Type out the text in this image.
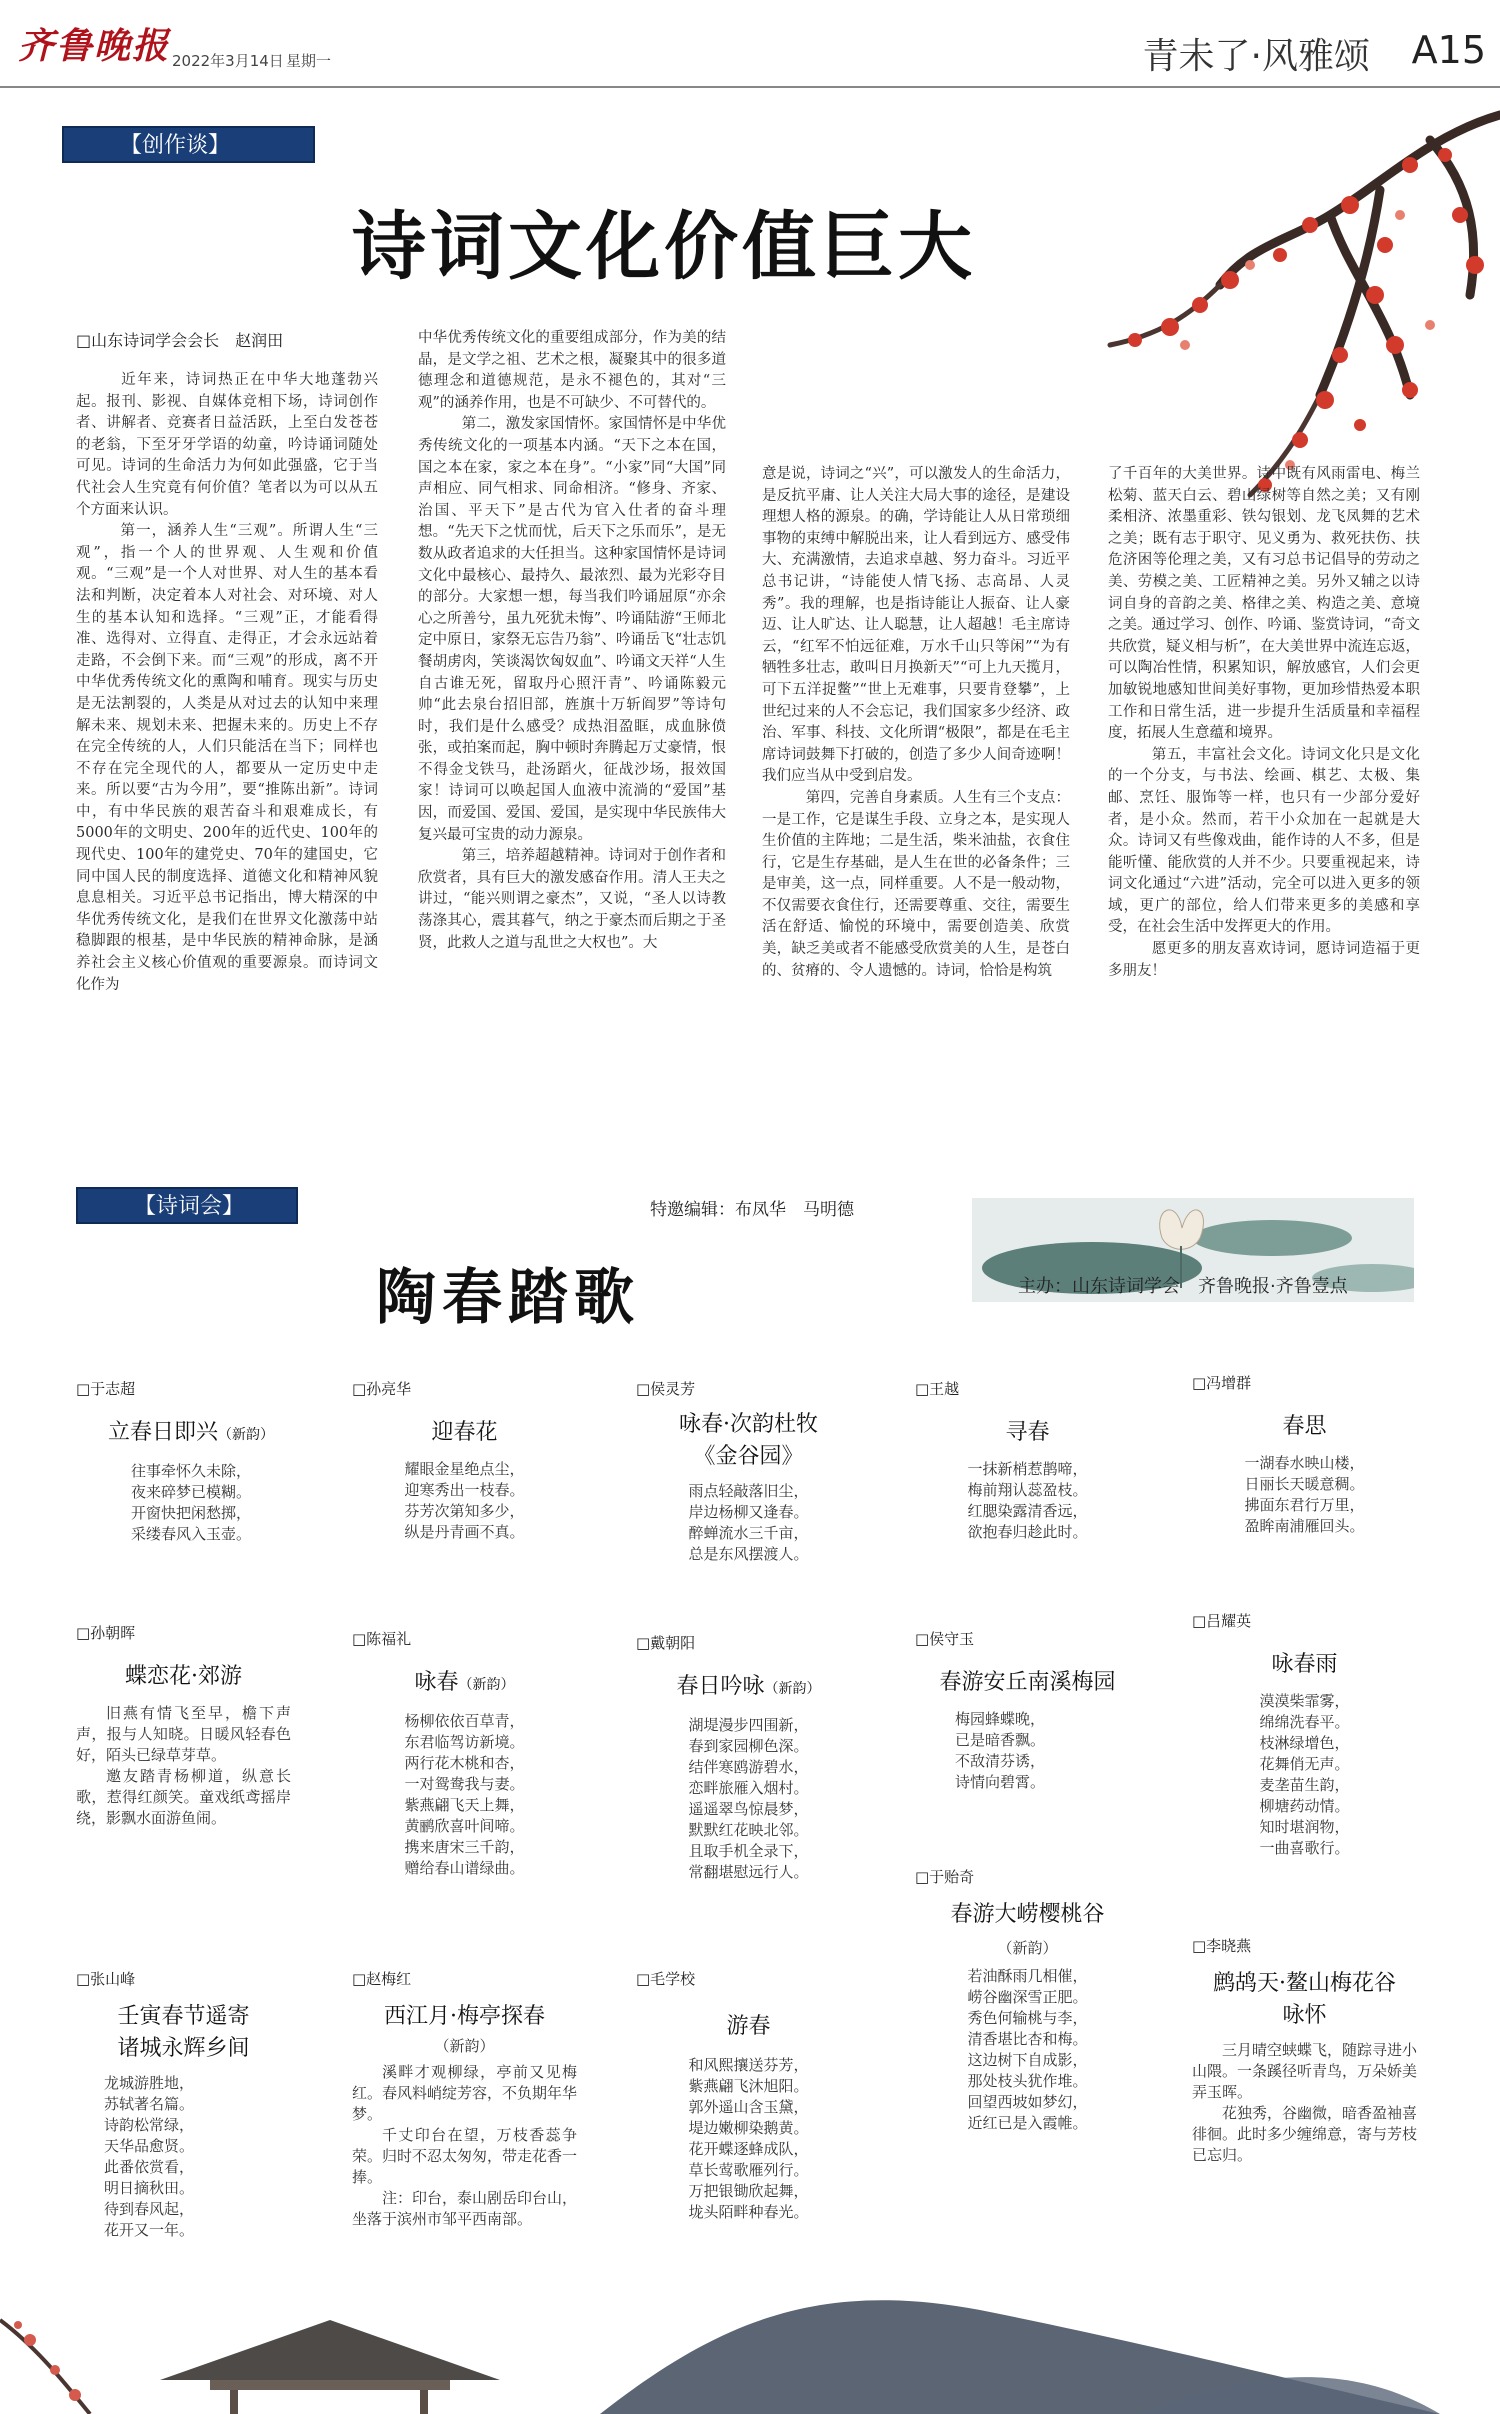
齐鲁晚报 2022年3月14日 星期一	青未了·风雅颂 A15
【创作谈】
诗词文化价值巨大
□山东诗词学会会长　赵润田

　近年来，诗词热正在中华大地蓬勃兴起。报刊、影视、自媒体竞相下场，诗词创作者、讲解者、竞赛者日益活跃，上至白发苍苍的老翁，下至牙牙学语的幼童，吟诗诵词随处可见。诗词的生命活力为何如此强盛，它于当代社会人生究竟有何价值？笔者以为可以从五个方面来认识。

　第一，涵养人生“三观”。所谓人生“三观”，指一个人的世界观、人生观和价值观。“三观”是一个人对世界、对人生的基本看法和判断，决定着本人对社会、对环境、对人生的基本认知和选择。“三观”正，才能看得准、选得对、立得直、走得正，才会永远站着走路，不会倒下来。而“三观”的形成，离不开中华优秀传统文化的熏陶和哺育。现实与历史是无法割裂的，人类是从对过去的认知中来理解未来、规划未来、把握未来的。历史上不存在完全传统的人，人们只能活在当下；同样也不存在完全现代的人，都要从一定历史中走来。所以要“古为今用”，要“推陈出新”。诗词中，有中华民族的艰苦奋斗和艰难成长，有5000年的文明史、200年的近代史、100年的现代史、100年的建党史、70年的建国史，它同中国人民的制度选择、道德文化和精神风貌息息相关。习近平总书记指出，博大精深的中华优秀传统文化，是我们在世界文化激荡中站稳脚跟的根基，是中华民族的精神命脉，是涵养社会主义核心价值观的重要源泉。而诗词文化作为

中华优秀传统文化的重要组成部分，作为美的结晶，是文学之祖、艺术之根，凝聚其中的很多道德理念和道德规范，是永不褪色的，其对“三观”的涵养作用，也是不可缺少、不可替代的。

　第二，激发家国情怀。家国情怀是中华优秀传统文化的一项基本内涵。“天下之本在国，国之本在家，家之本在身”。“小家”同“大国”同声相应、同气相求、同命相济。“修身、齐家、治国、平天下”是古代为官入仕者的奋斗理想。“先天下之忧而忧，后天下之乐而乐”，是无数从政者追求的大任担当。这种家国情怀是诗词文化中最核心、最持久、最浓烈、最为光彩夺目的部分。大家想一想，每当我们吟诵屈原“亦余心之所善兮，虽九死犹未悔”、吟诵陆游“王师北定中原日，家祭无忘告乃翁”、吟诵岳飞“壮志饥餐胡虏肉，笑谈渴饮匈奴血”、吟诵文天祥“人生自古谁无死，留取丹心照汗青”、吟诵陈毅元帅“此去泉台招旧部，旌旗十万斩阎罗”等诗句时，我们是什么感受？成热泪盈眶，成血脉偾张，或拍案而起，胸中顿时奔腾起万丈豪情，恨不得金戈铁马，赴汤蹈火，征战沙场，报效国家！诗词可以唤起国人血液中流淌的“爱国”基因，而爱国、爱国、爱国，是实现中华民族伟大复兴最可宝贵的动力源泉。

　第三，培养超越精神。诗词对于创作者和欣赏者，具有巨大的激发感奋作用。清人王夫之讲过，“能兴则谓之豪杰”，又说，“圣人以诗教荡涤其心，震其暮气，纳之于豪杰而后期之于圣贤，此救人之道与乱世之大权也”。大

意是说，诗词之“兴”，可以激发人的生命活力，是反抗平庸、让人关注大局大事的途径，是建设理想人格的源泉。的确，学诗能让人从日常琐细事物的束缚中解脱出来，让人看到远方、感受伟大、充满激情，去追求卓越、努力奋斗。习近平总书记讲，“诗能使人情飞扬、志高昂、人灵秀”。我的理解，也是指诗能让人振奋、让人豪迈、让人旷达、让人聪慧，让人超越！毛主席诗云，“红军不怕远征难，万水千山只等闲”“为有牺牲多壮志，敢叫日月换新天”“可上九天揽月，可下五洋捉鳖”“世上无难事，只要肯登攀”，上世纪过来的人不会忘记，我们国家多少经济、政治、军事、科技、文化所谓“极限”，都是在毛主席诗词鼓舞下打破的，创造了多少人间奇迹啊！我们应当从中受到启发。

　第四，完善自身素质。人生有三个支点：一是工作，它是谋生手段、立身之本，是实现人生价值的主阵地；二是生活，柴米油盐，衣食住行，它是生存基础，是人生在世的必备条件；三是审美，这一点，同样重要。人不是一般动物，不仅需要衣食住行，还需要尊重、交往，需要生活在舒适、愉悦的环境中，需要创造美、欣赏美，缺乏美或者不能感受欣赏美的人生，是苍白的、贫瘠的、令人遗憾的。诗词，恰恰是构筑

了千百年的大美世界。诗中既有风雨雷电、梅兰松菊、蓝天白云、碧山绿树等自然之美；又有刚柔相济、浓墨重彩、铁勾银划、龙飞凤舞的艺术之美；既有志于职守、见义勇为、救死扶伤、扶危济困等伦理之美，又有习总书记倡导的劳动之美、劳模之美、工匠精神之美。另外又辅之以诗词自身的音韵之美、格律之美、构造之美、意境之美。通过学习、创作、吟诵、鉴赏诗词，“奇文共欣赏，疑义相与析”，在大美世界中流连忘返，可以陶冶性情，积累知识，解放感官，人们会更加敏锐地感知世间美好事物，更加珍惜热爱本职工作和日常生活，进一步提升生活质量和幸福程度，拓展人生意蕴和境界。

　第五，丰富社会文化。诗词文化只是文化的一个分支，与书法、绘画、棋艺、太极、集邮、烹饪、服饰等一样，也只有一少部分爱好者，是小众。然而，若干小众加在一起就是大众。诗词又有些像戏曲，能作诗的人不多，但是能听懂、能欣赏的人并不少。只要重视起来，诗词文化通过“六进”活动，完全可以进入更多的领域，更广的部位，给人们带来更多的美感和享受，在社会生活中发挥更大的作用。

　愿更多的朋友喜欢诗词，愿诗词造福于更多朋友！

【诗词会】	特邀编辑：布凤华　马明德
陶春踏歌	主办：山东诗词学会　齐鲁晚报·齐鲁壹点
□于志超
立春日即兴（新韵）
往事牵怀久未除，
夜来碎梦已模糊。
开窗快把闲愁掷，
采缕春风入玉壶。
□孙亮华
迎春花
耀眼金星绝点尘，
迎寒秀出一枝春。
芬芳次第知多少，
纵是丹青画不真。
□侯灵芳
咏春·次韵杜牧
《金谷园》
雨点轻敲落旧尘，
岸边杨柳又逢春。
醉蝉流水三千亩，
总是东风摆渡人。
□王越
寻春
一抹新梢惹鹊啼，
梅前翔认蕊盈枝。
红腮染露清香远，
欲抱春归趁此时。
□冯增群
春思
一湖春水映山楼，
日丽长天暖意稠。
拂面东君行万里，
盈眸南浦雁回头。
□孙朝晖
蝶恋花·郊游
旧燕有情飞至早，檐下声声，报与人知晓。日暖风轻春色好，陌头已绿草芽草。
邀友踏青杨柳道，纵意长歌，惹得红颜笑。童戏纸鸢摇岸绕，影飘水面游鱼闹。
□陈福礼
咏春（新韵）
杨柳依依百草青，
东君临驾访新境。
两行花木桃和杏，
一对鸳鸯我与妻。
紫燕翩飞天上舞，
黄鹂欣喜叶间啼。
携来唐宋三千韵，
赠给春山谱绿曲。
□戴朝阳
春日吟咏（新韵）
湖堤漫步四围新，
春到家园柳色深。
结伴寒鸥游碧水，
恋畔旅雁入烟村。
遥遥翠鸟惊晨梦，
默默红花映北邻。
且取手机全录下，
常翻堪慰远行人。
□侯守玉
春游安丘南溪梅园
梅园蜂蝶晚，
已是暗香飘。
不敌清芬诱，
诗情向碧霄。
□吕耀英
咏春雨
漠漠柴霏雾，
绵绵洗春平。
枝淋绿增色，
花舞俏无声。
麦垄苗生韵，
柳塘药动情。
知时堪润物，
一曲喜歌行。
□张山峰
壬寅春节遥寄
诸城永辉乡间
龙城游胜地，
苏轼著名篇。
诗韵松常绿，
天华品愈贤。
此番依赏看，
明日摘秋田。
待到春风起，
花开又一年。
□赵梅红
西江月·梅亭探春
（新韵）
溪畔才观柳绿，亭前又见梅红。春风料峭绽芳容，不负期年华梦。
千丈印台在望，万枝香蕊争荣。归时不忍太匆匆，带走花香一捧。
注：印台，泰山剧岳印台山，坐落于滨州市邹平西南部。
□毛学校
游春
和风熙攘送芬芳，
紫燕翩飞沐旭阳。
郭外遥山含玉黛，
堤边嫩柳染鹅黄。
花开蝶逐蜂成队，
草长莺歌雁列行。
万把银锄欣起舞，
垅头陌畔种春光。
□于贻奇
春游大崂樱桃谷
（新韵）
若油酥雨几相催，
崂谷幽深雪正肥。
秀色何输桃与李，
清香堪比杏和梅。
这边树下自成影，
那处枝头犹作堆。
回望西坡如梦幻，
近红已是入霞帷。
□李晓燕
鹧鸪天·鳌山梅花谷
咏怀
三月晴空蛱蝶飞，随踪寻进小山隈。一条蹊径听青鸟，万朵娇美弄玉晖。
花独秀，谷幽微，暗香盈袖喜徘徊。此时多少缠绵意，寄与芳枝已忘归。
